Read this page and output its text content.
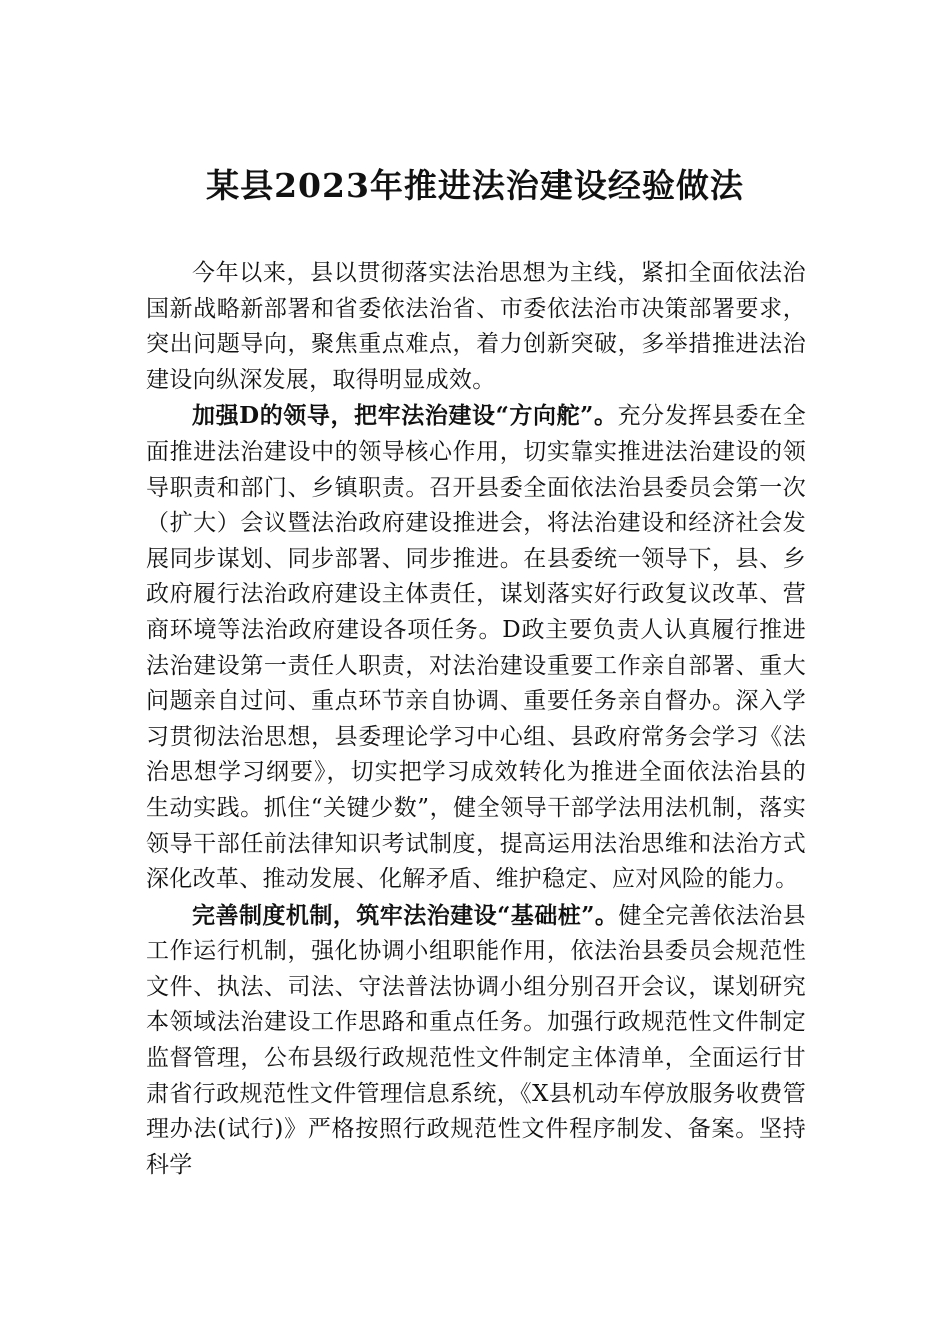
某县2023年推进法治建设经验做法

今年以来，县以贯彻落实法治思想为主线，紧扣全面依法治国新战略新部署和省委依法治省、市委依法治市决策部署要求，突出问题导向，聚焦重点难点，着力创新突破，多举措推进法治建设向纵深发展，取得明显成效。

加强D的领导，把牢法治建设“方向舵”。充分发挥县委在全面推进法治建设中的领导核心作用，切实靠实推进法治建设的领导职责和部门、乡镇职责。召开县委全面依法治县委员会第一次（扩大）会议暨法治政府建设推进会，将法治建设和经济社会发展同步谋划、同步部署、同步推进。在县委统一领导下，县、乡政府履行法治政府建设主体责任，谋划落实好行政复议改革、营商环境等法治政府建设各项任务。D政主要负责人认真履行推进法治建设第一责任人职责，对法治建设重要工作亲自部署、重大问题亲自过问、重点环节亲自协调、重要任务亲自督办。深入学习贯彻法治思想，县委理论学习中心组、县政府常务会学习《法治思想学习纲要》，切实把学习成效转化为推进全面依法治县的生动实践。抓住“关键少数”，健全领导干部学法用法机制，落实领导干部任前法律知识考试制度，提高运用法治思维和法治方式深化改革、推动发展、化解矛盾、维护稳定、应对风险的能力。

完善制度机制，筑牢法治建设“基础桩”。健全完善依法治县工作运行机制，强化协调小组职能作用，依法治县委员会规范性文件、执法、司法、守法普法协调小组分别召开会议，谋划研究本领域法治建设工作思路和重点任务。加强行政规范性文件制定监督管理，公布县级行政规范性文件制定主体清单，全面运行甘肃省行政规范性文件管理信息系统，《X县机动车停放服务收费管理办法(试行)》严格按照行政规范性文件程序制发、备案。坚持科学
